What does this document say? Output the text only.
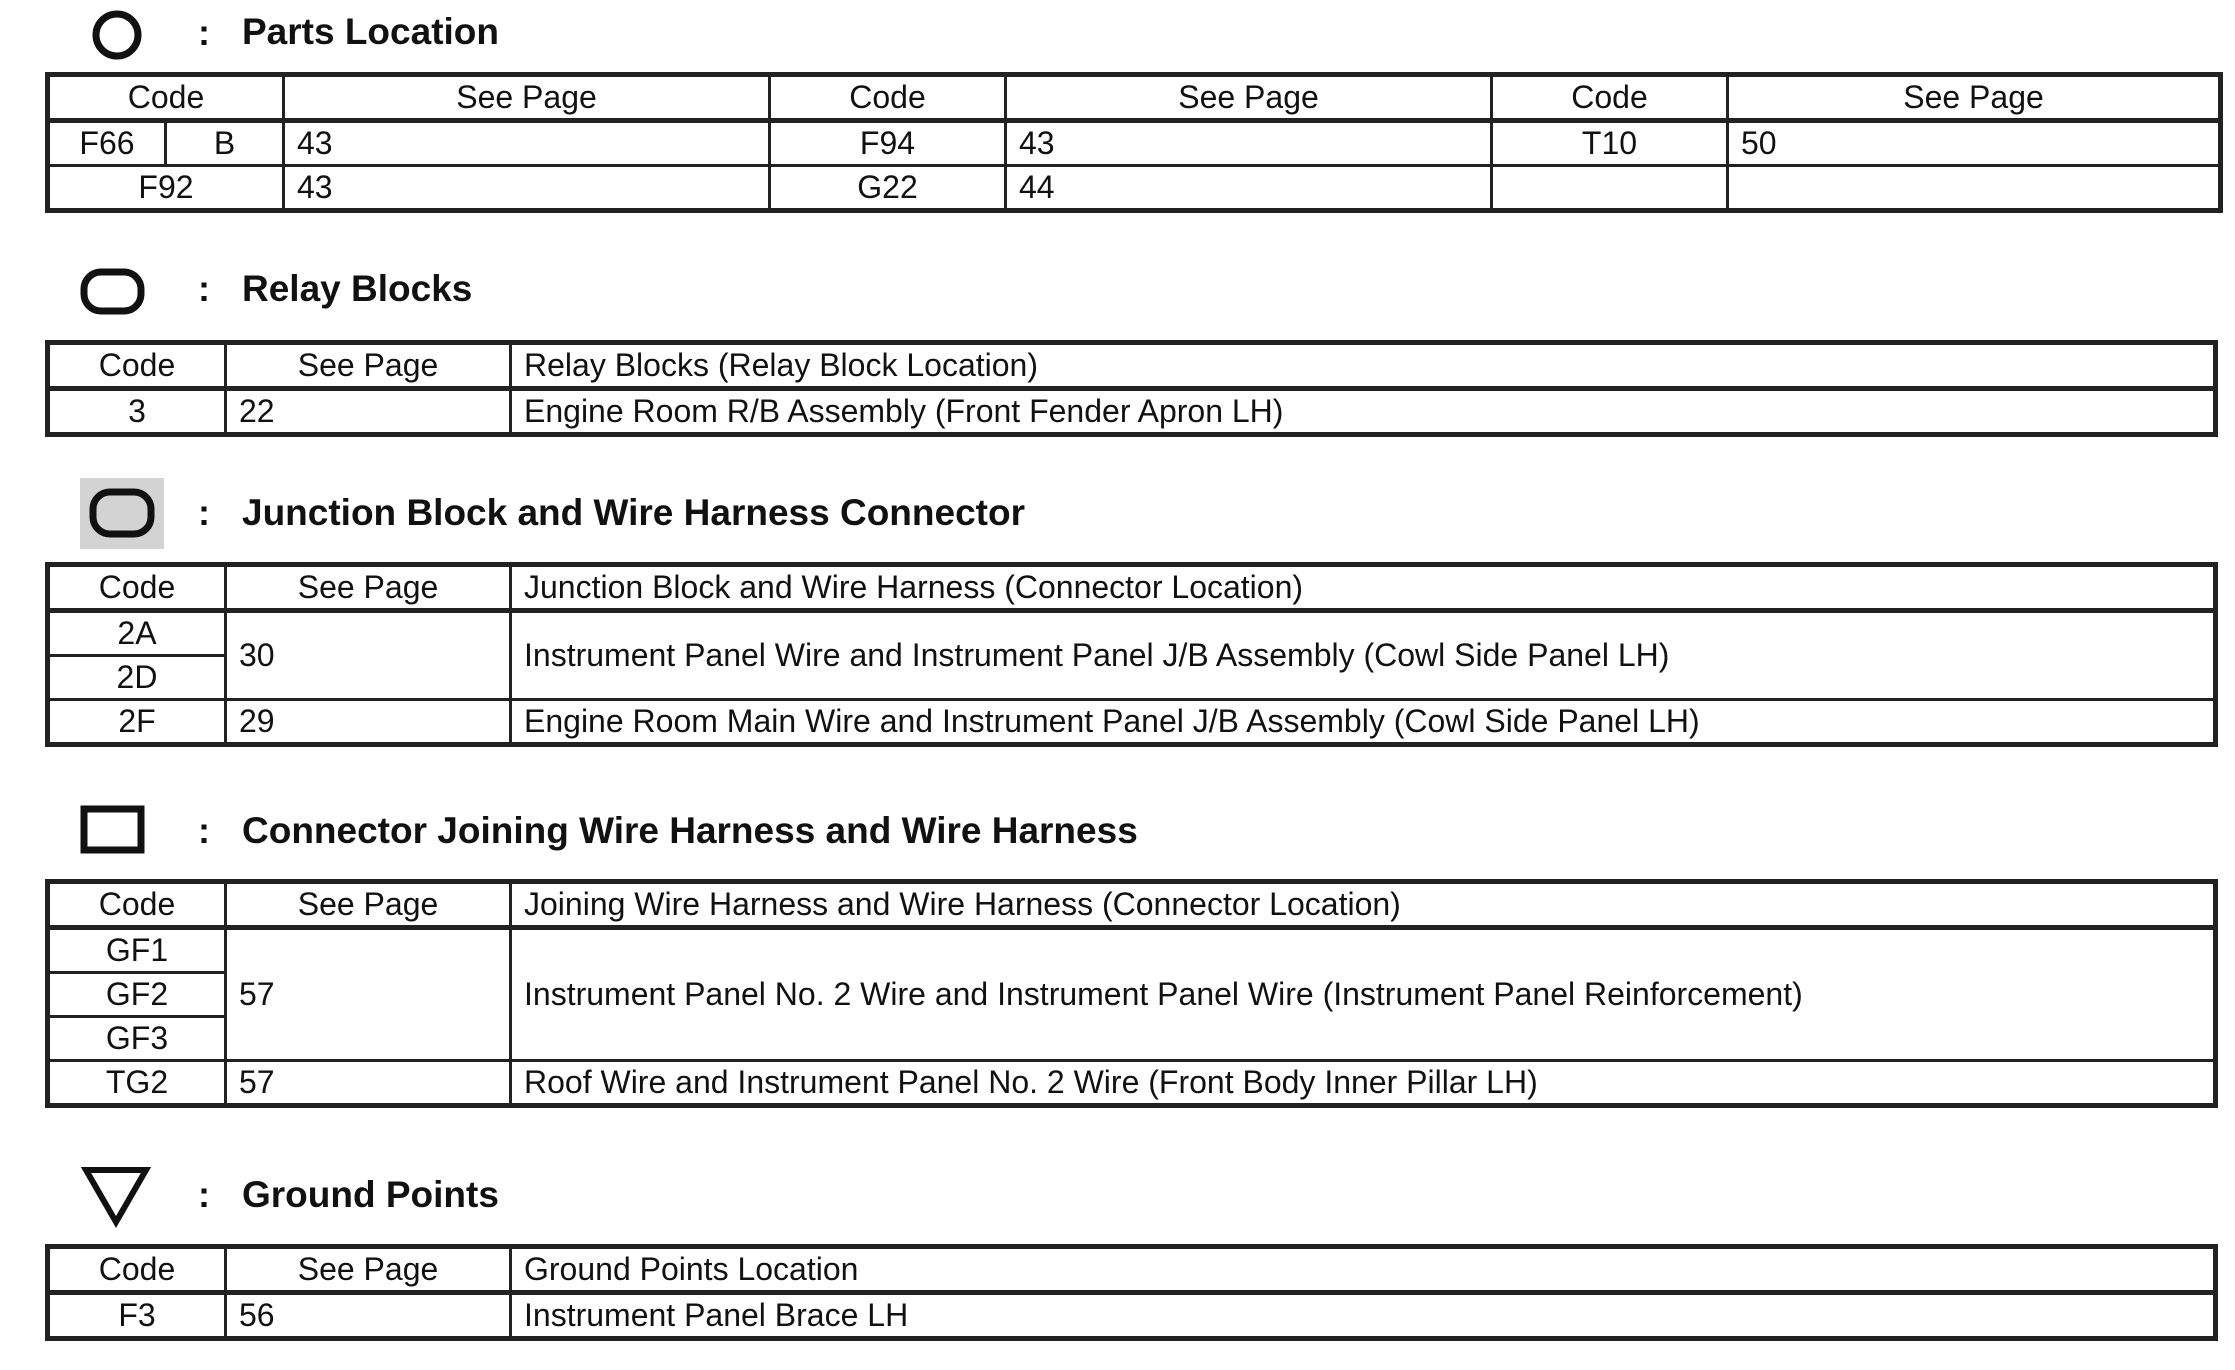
: Parts Location
Code		See Page	Code	See Page	Code	See Page
F66	B	43	F94	43	T10	50
F92		43	G22	44		
: Relay Blocks
Code	See Page	Relay Blocks (Relay Block Location)
3	22	Engine Room R/B Assembly (Front Fender Apron LH)
: Junction Block and Wire Harness Connector
Code	See Page	Junction Block and Wire Harness (Connector Location)
2A	30	Instrument Panel Wire and Instrument Panel J/B Assembly (Cowl Side Panel LH)
2D		
2F	29	Engine Room Main Wire and Instrument Panel J/B Assembly (Cowl Side Panel LH)
: Connector Joining Wire Harness and Wire Harness
Code	See Page	Joining Wire Harness and Wire Harness (Connector Location)
GF1	57	Instrument Panel No. 2 Wire and Instrument Panel Wire (Instrument Panel Reinforcement)
GF2		
GF3		
TG2	57	Roof Wire and Instrument Panel No. 2 Wire (Front Body Inner Pillar LH)
: Ground Points
Code	See Page	Ground Points Location
F3	56	Instrument Panel Brace LH
